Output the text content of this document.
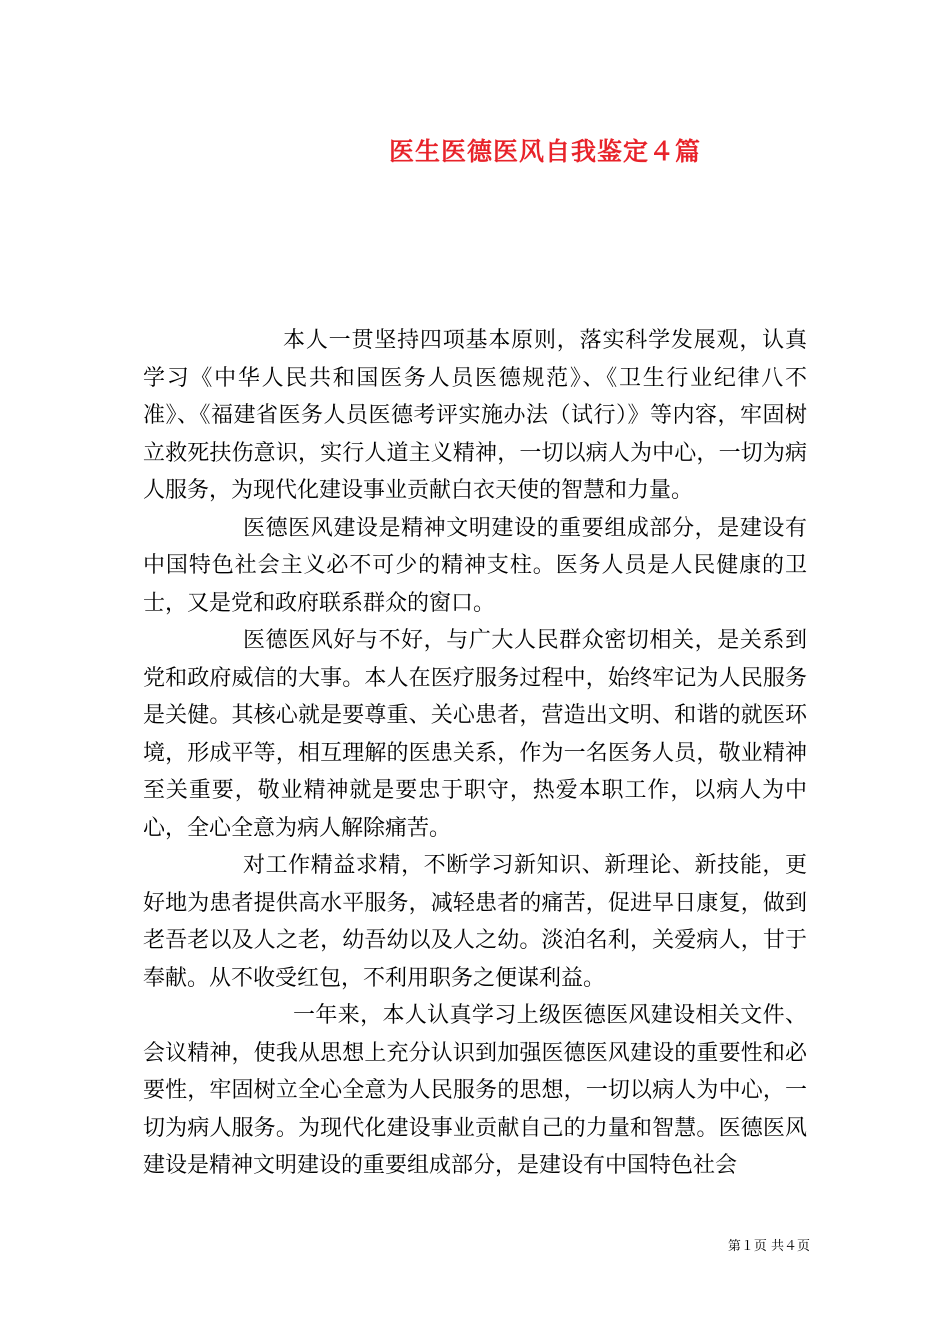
医生医德医风自我鉴定４篇

本人一贯坚持四项基本原则，落实科学发展观，认真学习《中华人民共和国医务人员医德规范》、《卫生行业纪律八不准》、《福建省医务人员医德考评实施办法（试行）》等内容，牢固树立救死扶伤意识，实行人道主义精神，一切以病人为中心，一切为病人服务，为现代化建设事业贡献白衣天使的智慧和力量。

医德医风建设是精神文明建设的重要组成部分，是建设有中国特色社会主义必不可少的精神支柱。医务人员是人民健康的卫士，又是党和政府联系群众的窗口。

医德医风好与不好，与广大人民群众密切相关，是关系到党和政府威信的大事。本人在医疗服务过程中，始终牢记为人民服务是关健。其核心就是要尊重、关心患者，营造出文明、和谐的就医环境，形成平等，相互理解的医患关系，作为一名医务人员，敬业精神至关重要，敬业精神就是要忠于职守，热爱本职工作，以病人为中心，全心全意为病人解除痛苦。

对工作精益求精，不断学习新知识、新理论、新技能，更好地为患者提供高水平服务，减轻患者的痛苦，促进早日康复，做到老吾老以及人之老，幼吾幼以及人之幼。淡泊名利，关爱病人，甘于奉献。从不收受红包，不利用职务之便谋利益。

一年来，本人认真学习上级医德医风建设相关文件、会议精神，使我从思想上充分认识到加强医德医风建设的重要性和必要性，牢固树立全心全意为人民服务的思想，一切以病人为中心，一切为病人服务。为现代化建设事业贡献自己的力量和智慧。医德医风建设是精神文明建设的重要组成部分，是建设有中国特色社会

第１页 共４页
